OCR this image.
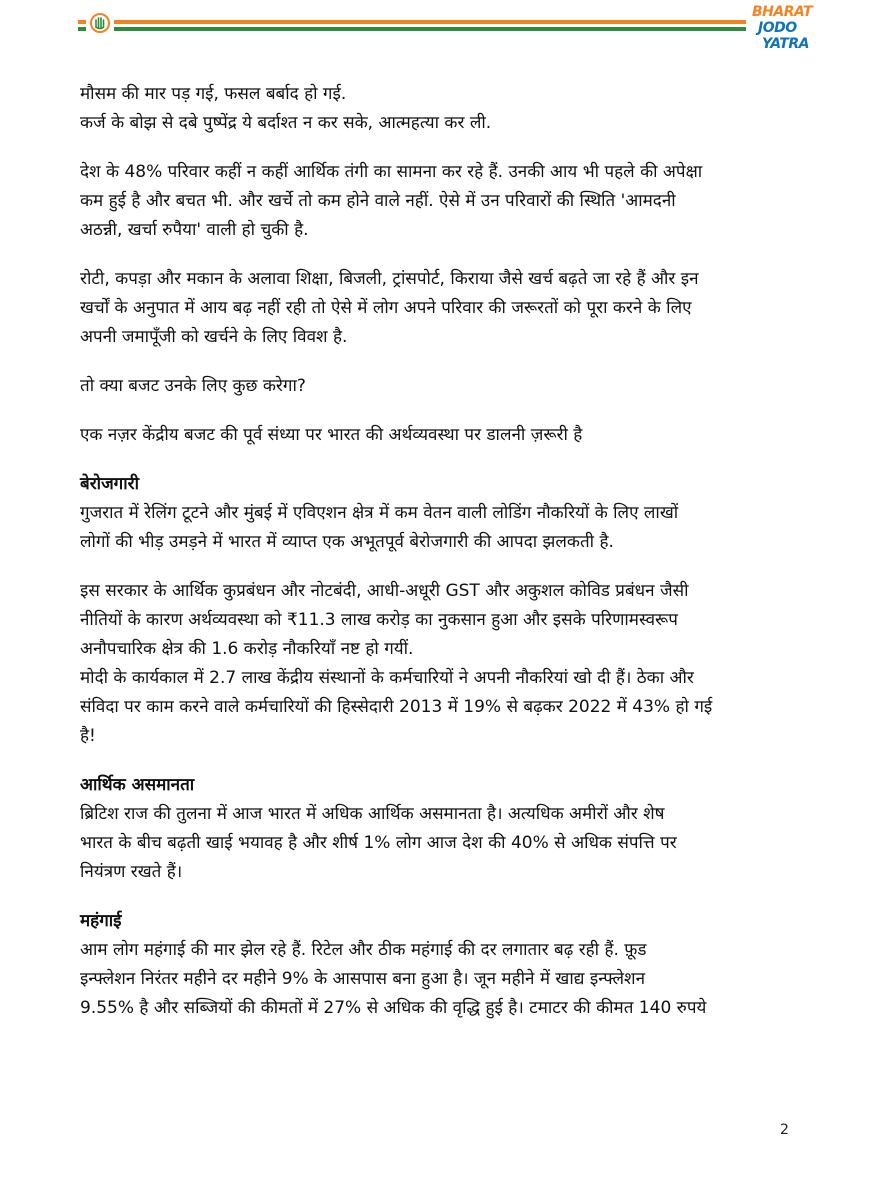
BHARAT
JODO
YATRA

मौसम की मार पड़ गई, फसल बर्बाद हो गई.
कर्ज के बोझ से दबे पुष्पेंद्र ये बर्दाश्त न कर सके, आत्महत्या कर ली.

देश के 48% परिवार कहीं न कहीं आर्थिक तंगी का सामना कर रहे हैं. उनकी आय भी पहले की अपेक्षा
कम हुई है और बचत भी. और खर्चे तो कम होने वाले नहीं. ऐसे में उन परिवारों की स्थिति 'आमदनी
अठन्नी, खर्चा रुपैया' वाली हो चुकी है.

रोटी, कपड़ा और मकान के अलावा शिक्षा, बिजली, ट्रांसपोर्ट, किराया जैसे खर्च बढ़ते जा रहे हैं और इन
खर्चों के अनुपात में आय बढ़ नहीं रही तो ऐसे में लोग अपने परिवार की जरूरतों को पूरा करने के लिए
अपनी जमापूँजी को खर्चने के लिए विवश है.

तो क्या बजट उनके लिए कुछ करेगा?

एक नज़र केंद्रीय बजट की पूर्व संध्या पर भारत की अर्थव्यवस्था पर डालनी ज़रूरी है

बेरोजगारी

गुजरात में रेलिंग टूटने और मुंबई में एविएशन क्षेत्र में कम वेतन वाली लोडिंग नौकरियों के लिए लाखों
लोगों की भीड़ उमड़ने में भारत में व्याप्त एक अभूतपूर्व बेरोजगारी की आपदा झलकती है.

इस सरकार के आर्थिक कुप्रबंधन और नोटबंदी, आधी-अधूरी GST और अकुशल कोविड प्रबंधन जैसी
नीतियों के कारण अर्थव्यवस्था को ₹11.3 लाख करोड़ का नुकसान हुआ और इसके परिणामस्वरूप
अनौपचारिक क्षेत्र की 1.6 करोड़ नौकरियाँ नष्ट हो गयीं.
मोदी के कार्यकाल में 2.7 लाख केंद्रीय संस्थानों के कर्मचारियों ने अपनी नौकरियां खो दी हैं। ठेका और
संविदा पर काम करने वाले कर्मचारियों की हिस्सेदारी 2013 में 19% से बढ़कर 2022 में 43% हो गई
है!

आर्थिक असमानता

ब्रिटिश राज की तुलना में आज भारत में अधिक आर्थिक असमानता है। अत्यधिक अमीरों और शेष
भारत के बीच बढ़ती खाई भयावह है और शीर्ष 1% लोग आज देश की 40% से अधिक संपत्ति पर
नियंत्रण रखते हैं।

महंगाई

आम लोग महंगाई की मार झेल रहे हैं. रिटेल और ठीक महंगाई की दर लगातार बढ़ रही हैं. फ़ूड
इन्फ्लेशन निरंतर महीने दर महीने 9% के आसपास बना हुआ है। जून महीने में खाद्य इन्फ्लेशन
9.55% है और सब्जियों की कीमतों में 27% से अधिक की वृद्धि हुई है। टमाटर की कीमत 140 रुपये

2
